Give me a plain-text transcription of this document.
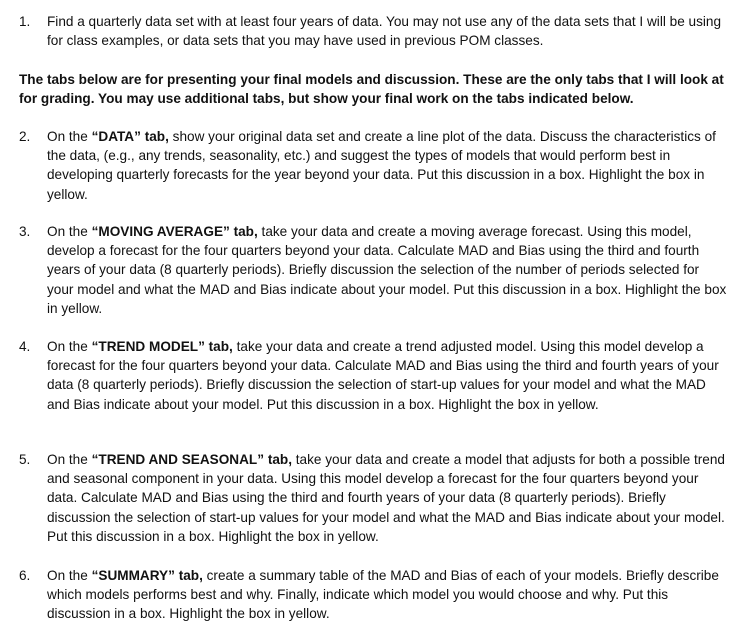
1.	Find a quarterly data set with at least four years of data. You may not use any of the data sets that I will be using for class examples, or data sets that you may have used in previous POM classes.
The tabs below are for presenting your final models and discussion. These are the only tabs that I will look at for grading. You may use additional tabs, but show your final work on the tabs indicated below.
2.	On the “DATA” tab, show your original data set and create a line plot of the data. Discuss the characteristics of the data, (e.g., any trends, seasonality, etc.) and suggest the types of models that would perform best in developing quarterly forecasts for the year beyond your data. Put this discussion in a box. Highlight the box in yellow.
3.	On the “MOVING AVERAGE” tab, take your data and create a moving average forecast. Using this model, develop a forecast for the four quarters beyond your data. Calculate MAD and Bias using the third and fourth years of your data (8 quarterly periods). Briefly discussion the selection of the number of periods selected for your model and what the MAD and Bias indicate about your model. Put this discussion in a box. Highlight the box in yellow.
4.	On the “TREND MODEL” tab, take your data and create a trend adjusted model. Using this model develop a forecast for the four quarters beyond your data. Calculate MAD and Bias using the third and fourth years of your data (8 quarterly periods). Briefly discussion the selection of start-up values for your model and what the MAD and Bias indicate about your model. Put this discussion in a box. Highlight the box in yellow.
5.	On the “TREND AND SEASONAL” tab, take your data and create a model that adjusts for both a possible trend and seasonal component in your data. Using this model develop a forecast for the four quarters beyond your data. Calculate MAD and Bias using the third and fourth years of your data (8 quarterly periods). Briefly discussion the selection of start-up values for your model and what the MAD and Bias indicate about your model. Put this discussion in a box. Highlight the box in yellow.
6.	On the “SUMMARY” tab, create a summary table of the MAD and Bias of each of your models. Briefly describe which models performs best and why. Finally, indicate which model you would choose and why. Put this discussion in a box. Highlight the box in yellow.
